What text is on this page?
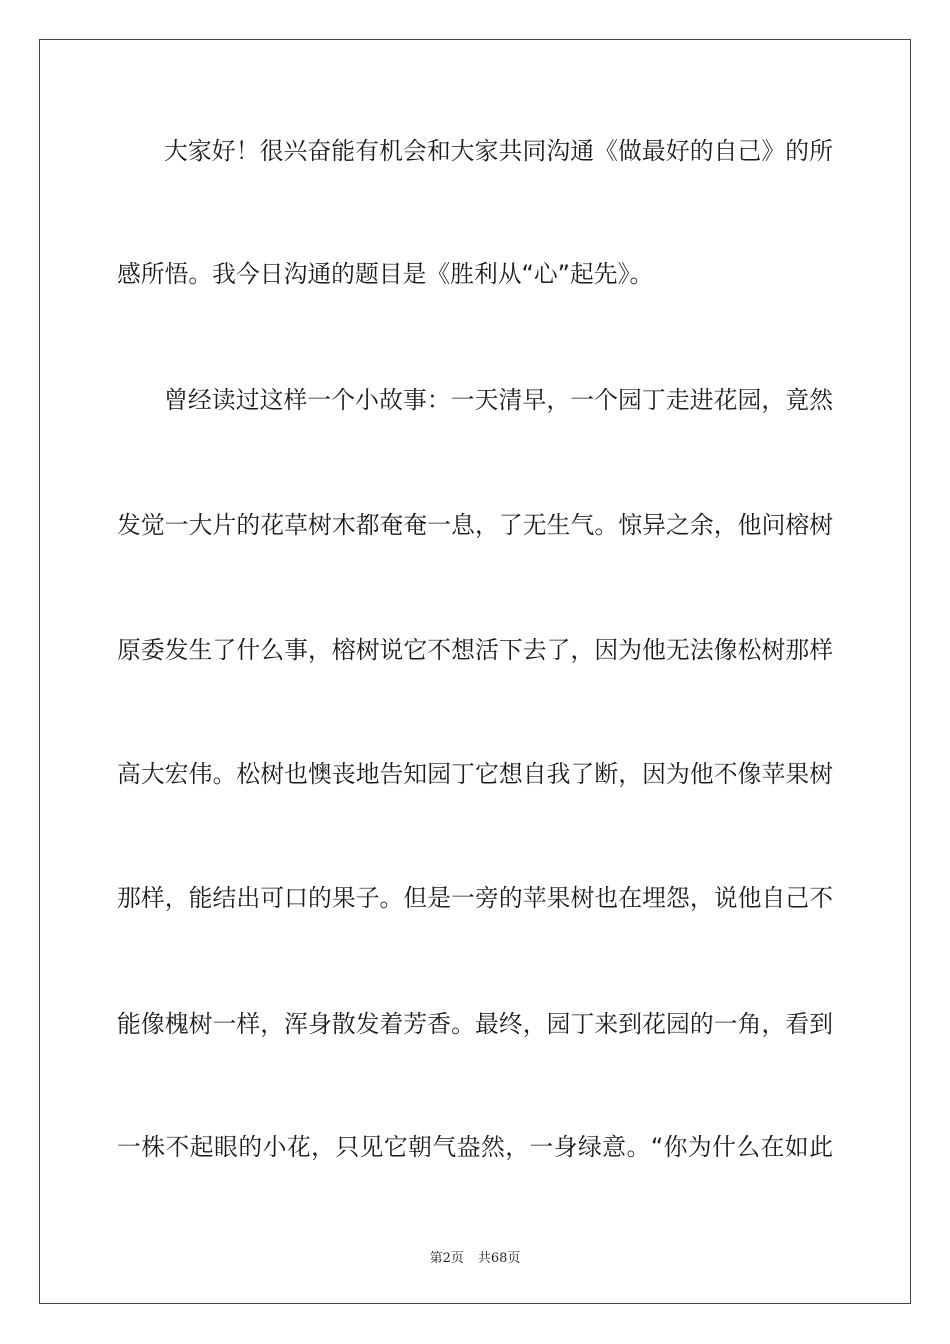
大家好！很兴奋能有机会和大家共同沟通《做最好的自己》的所
感所悟。我今日沟通的题目是《胜利从“心”起先》。
曾经读过这样一个小故事：一天清早，一个园丁走进花园，竟然
发觉一大片的花草树木都奄奄一息，了无生气。惊异之余，他问榕树
原委发生了什么事，榕树说它不想活下去了，因为他无法像松树那样
高大宏伟。松树也懊丧地告知园丁它想自我了断，因为他不像苹果树
那样，能结出可口的果子。但是一旁的苹果树也在埋怨，说他自己不
能像槐树一样，浑身散发着芳香。最终，园丁来到花园的一角，看到
一株不起眼的小花，只见它朝气盎然，一身绿意。“你为什么在如此
第2页 共68页
